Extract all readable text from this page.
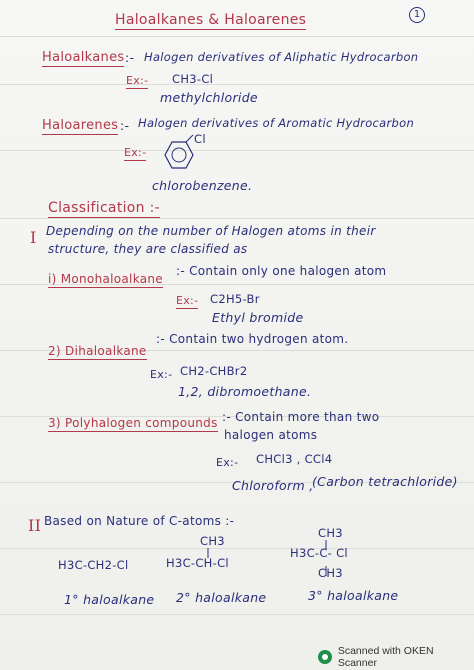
Haloalkanes & Haloarenes	1
Haloalkanes :- Halogen derivatives of Aliphatic Hydrocarbon
Ex:- CH3-Cl
methylchloride
Haloarenes :- Halogen derivatives of Aromatic Hydrocarbon
Ex:-
Cl
chlorobenzene.
Classification :-
I Depending on the number of Halogen atoms in their
structure, they are classified as
i) Monohaloalkane
:- Contain only one halogen atom
Ex:- C2H5-Br
Ethyl bromide
2) Dihaloalkane
:- Contain two hydrogen atom.
Ex:- CH2-CHBr2
1,2, dibromoethane.
3) Polyhalogen compounds :- Contain more than two
halogen atoms
Ex:- CHCl3 , CCl4
Chloroform ,
(Carbon tetrachloride)
II Based on Nature of C-atoms :-
H3C-CH2-Cl
1° haloalkane
CH3
H3C-CH-Cl
2° haloalkane
CH3
H3C-C- Cl
CH3
3° haloalkane
Scanned with OKEN Scanner
